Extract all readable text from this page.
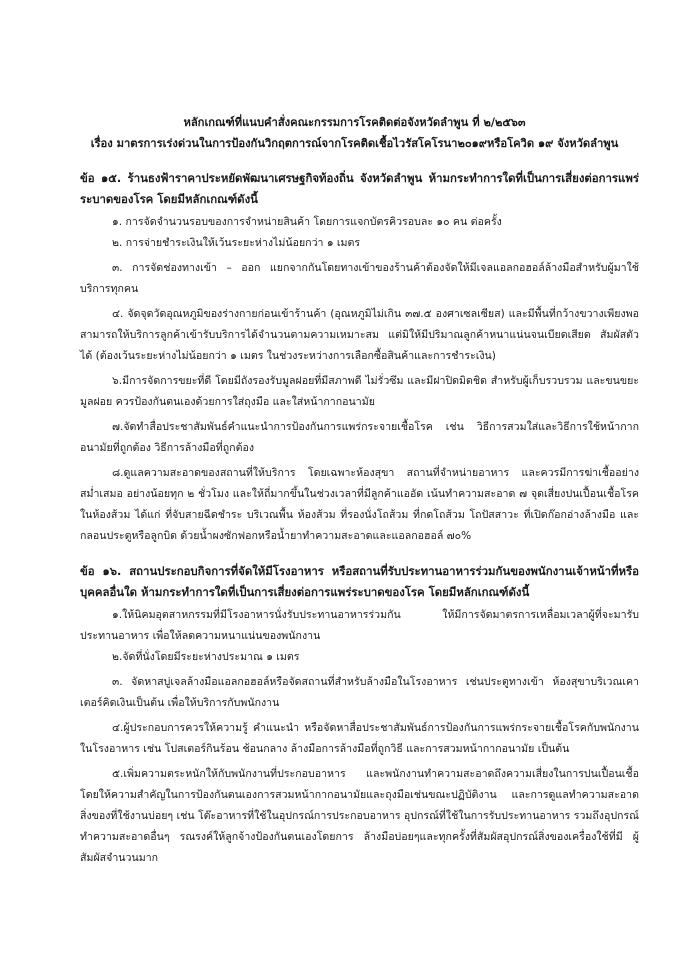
หลักเกณฑ์ที่แนบคำสั่งคณะกรรมการโรคติดต่อจังหวัดลำพูน ที่ ๒/๒๕๖๓
เรื่อง มาตรการเร่งด่วนในการป้องกันวิกฤตการณ์จากโรคติดเชื้อไวรัสโคโรนา๒๐๑๙หรือโควิด ๑๙ จังหวัดลำพูน
ข้อ ๑๕. ร้านธงฟ้าราคาประหยัดพัฒนาเศรษฐกิจท้องถิ่น จังหวัดลำพูน ห้ามกระทำการใดที่เป็นการเสี่ยงต่อการแพร่ระบาดของโรค โดยมีหลักเกณฑ์ดังนี้

๑. การจัดจำนวนรอบของการจำหน่ายสินค้า โดยการแจกบัตรคิวรอบละ ๑๐ คน ต่อครั้ง

๒. การจ่ายชำระเงินให้เว้นระยะห่างไม่น้อยกว่า ๑ เมตร

๓. การจัดช่องทางเข้า – ออก แยกจากกันโดยทางเข้าของร้านค้าต้องจัดให้มีเจลแอลกอฮอล์ล้างมือสำหรับผู้มาใช้บริการทุกคน

๔. จัดจุดวัดอุณหภูมิของร่างกายก่อนเข้าร้านค้า (อุณหภูมิไม่เกิน ๓๗.๕ องศาเซลเซียส) และมีพื้นที่กว้างขวางเพียงพอ สามารถให้บริการลูกค้าเข้ารับบริการได้จำนวนตามความเหมาะสม แต่มิให้มีปริมาณลูกค้าหนาแน่นจนเบียดเสียด สัมผัสตัวได้ (ต้องเว้นระยะห่างไม่น้อยกว่า ๑ เมตร ในช่วงระหว่างการเลือกซื้อสินค้าและการชำระเงิน)

๖.มีการจัดการขยะที่ดี โดยมีถังรองรับมูลฝอยที่มีสภาพดี ไม่รั่วซึม และมีฝาปิดมิดชิด สำหรับผู้เก็บรวบรวม และขนขยะมูลฝอย ควรป้องกันตนเองด้วยการใส่ถุงมือ และใส่หน้ากากอนามัย

๗.จัดทำสื่อประชาสัมพันธ์คำแนะนำการป้องกันการแพร่กระจายเชื้อโรค เช่น วิธีการสวมใส่และวิธีการใช้หน้ากากอนามัยที่ถูกต้อง วิธีการล้างมือที่ถูกต้อง

๘.ดูแลความสะอาดของสถานที่ให้บริการ โดยเฉพาะห้องสุขา สถานที่จำหน่ายอาหาร และควรมีการฆ่าเชื้ออย่างสม่ำเสมอ อย่างน้อยทุก ๒ ชั่วโมง และให้ถี่มากขึ้นในช่วงเวลาที่มีลูกค้าแออัด เน้นทำความสะอาด ๗ จุดเสี่ยงปนเปื้อนเชื้อโรคในห้องส้วม ได้แก่ ที่จับสายฉีดชำระ บริเวณพื้น ห้องส้วม ที่รองนั่งโถส้วม ที่กดโถส้วม โถปัสสาวะ ที่เปิดก๊อกอ่างล้างมือ และกลอนประตูหรือลูกบิด ด้วยน้ำผงซักฟอกหรือน้ำยาทำความสะอาดและแอลกอฮอล์ ๗๐%

ข้อ ๑๖. สถานประกอบกิจการที่จัดให้มีโรงอาหาร หรือสถานที่รับประทานอาหารร่วมกันของพนักงานเจ้าหน้าที่หรือบุคคลอื่นใด ห้ามกระทำการใดที่เป็นการเสี่ยงต่อการแพร่ระบาดของโรค โดยมีหลักเกณฑ์ดังนี้

๑.ให้นิคมอุตสาหกรรมที่มีโรงอาหารนั่งรับประทานอาหารร่วมกัน ให้มีการจัดมาตรการเหลื่อมเวลาผู้ที่จะมารับประทานอาหาร เพื่อให้ลดความหนาแน่นของพนักงาน

๒.จัดที่นั่งโดยมีระยะห่างประมาณ ๑ เมตร

๓. จัดหาสบู่เจลล้างมือแอลกอฮอล์หรือจัดสถานที่สำหรับล้างมือในโรงอาหาร เช่นประตูทางเข้า ห้องสุขาบริเวณเคาเตอร์คิดเงินเป็นต้น เพื่อให้บริการกับพนักงาน

๔.ผู้ประกอบการควรให้ความรู้ คำแนะนำ หรือจัดหาสื่อประชาสัมพันธ์การป้องกันการแพร่กระจายเชื้อโรคกับพนักงานในโรงอาหาร เช่น โปสเตอร์กินร้อน ช้อนกลาง ล้างมือการล้างมือที่ถูกวิธี และการสวมหน้ากากอนามัย เป็นต้น

๕.เพิ่มความตระหนักให้กับพนักงานที่ประกอบอาหาร และพนักงานทำความสะอาดถึงความเสี่ยงในการปนเปื้อนเชื้อ โดยให้ความสำคัญในการป้องกันตนเองการสวมหน้ากากอนามัยและถุงมือเช่นขณะปฏิบัติงาน และการดูแลทำความสะอาดสิ่งของที่ใช้งานบ่อยๆ เช่น โต๊ะอาหารที่ใช้ในอุปกรณ์การประกอบอาหาร อุปกรณ์ที่ใช้ในการรับประทานอาหาร รวมถึงอุปกรณ์ทำความสะอาดอื่นๆ รณรงค์ให้ลูกจ้างป้องกันตนเองโดยการ ล้างมือบ่อยๆและทุกครั้งที่สัมผัสอุปกรณ์สิ่งของเครื่องใช้ที่มี ผู้สัมผัสจำนวนมาก
